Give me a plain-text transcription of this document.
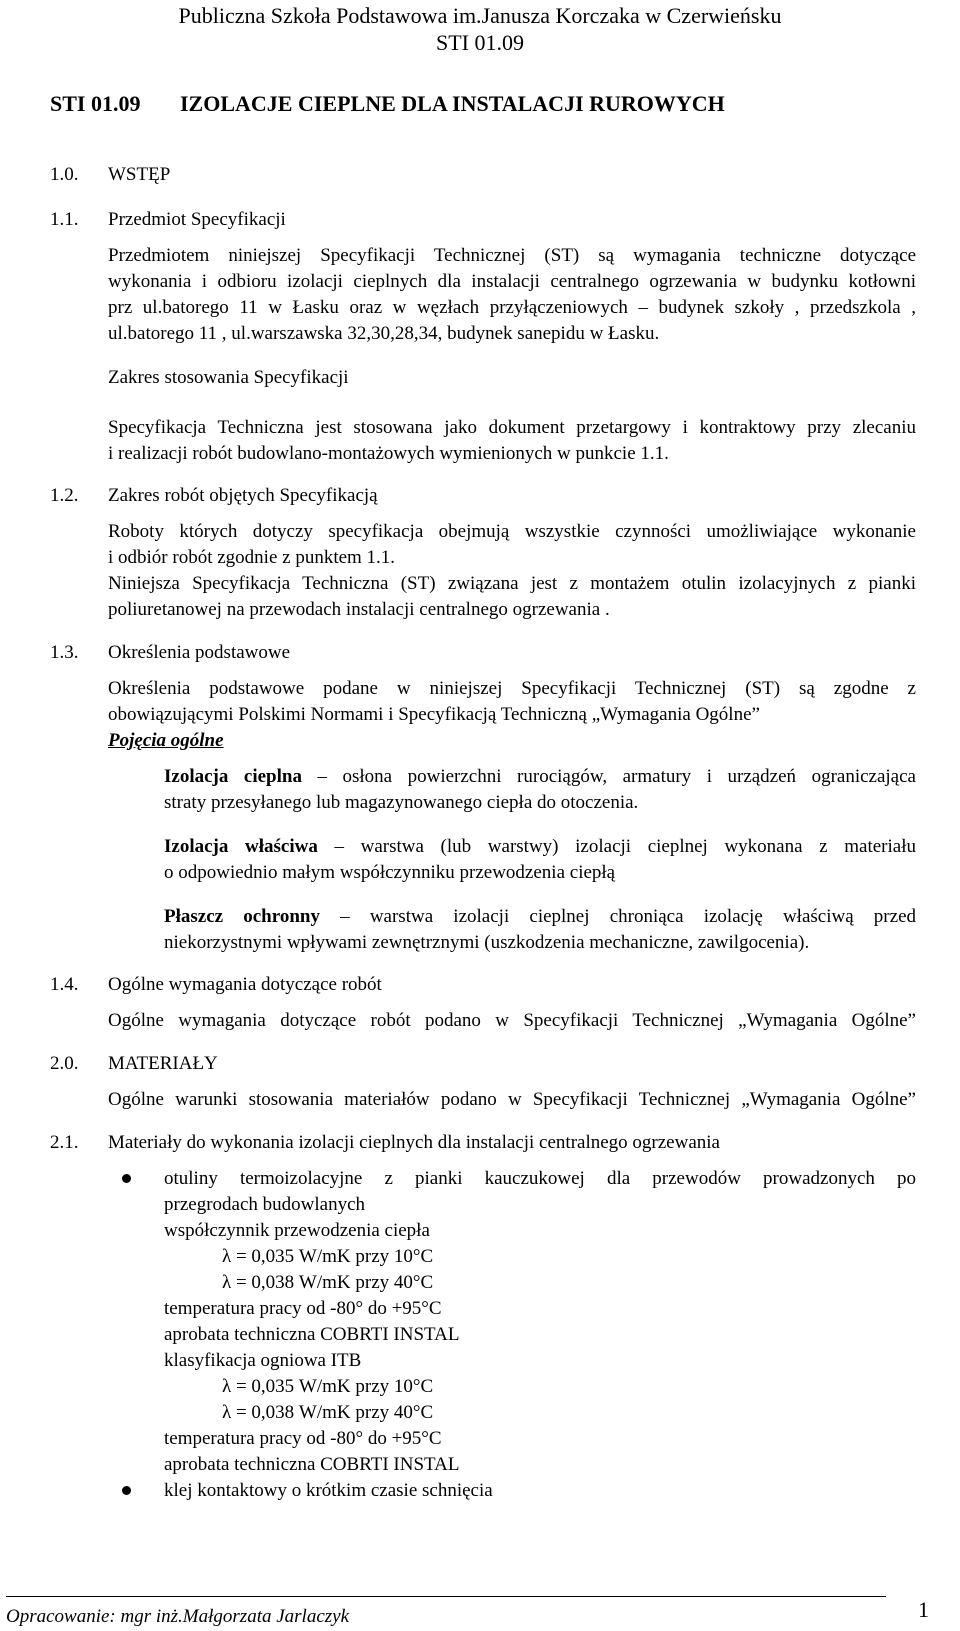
Publiczna Szkoła Podstawowa im.Janusza Korczaka w Czerwieńsku
STI 01.09
STI 01.09 IZOLACJE CIEPLNE DLA INSTALACJI RUROWYCH
1.0. WSTĘP
1.1. Przedmiot Specyfikacji
Przedmiotem niniejszej Specyfikacji Technicznej (ST) są wymagania techniczne dotyczące
wykonania i odbioru izolacji cieplnych dla instalacji centralnego ogrzewania w budynku kotłowni
prz ul.batorego 11 w Łasku oraz w węzłach przyłączeniowych – budynek szkoły , przedszkola ,
ul.batorego 11 , ul.warszawska 32,30,28,34, budynek sanepidu w Łasku.
Zakres stosowania Specyfikacji
Specyfikacja Techniczna jest stosowana jako dokument przetargowy i kontraktowy przy zlecaniu
i realizacji robót budowlano-montażowych wymienionych w punkcie 1.1.
1.2. Zakres robót objętych Specyfikacją
Roboty których dotyczy specyfikacja obejmują wszystkie czynności umożliwiające wykonanie
i odbiór robót zgodnie z punktem 1.1.
Niniejsza Specyfikacja Techniczna (ST) związana jest z montażem otulin izolacyjnych z pianki
poliuretanowej na przewodach instalacji centralnego ogrzewania .
1.3. Określenia podstawowe
Określenia podstawowe podane w niniejszej Specyfikacji Technicznej (ST) są zgodne z
obowiązującymi Polskimi Normami i Specyfikacją Techniczną „Wymagania Ogólne”
Pojęcia ogólne
Izolacja cieplna – osłona powierzchni rurociągów, armatury i urządzeń ograniczająca
straty przesyłanego lub magazynowanego ciepła do otoczenia.
Izolacja właściwa – warstwa (lub warstwy) izolacji cieplnej wykonana z materiału
o odpowiednio małym współczynniku przewodzenia ciepłą
Płaszcz ochronny – warstwa izolacji cieplnej chroniąca izolację właściwą przed
niekorzystnymi wpływami zewnętrznymi (uszkodzenia mechaniczne, zawilgocenia).
1.4. Ogólne wymagania dotyczące robót
Ogólne wymagania dotyczące robót podano w Specyfikacji Technicznej „Wymagania Ogólne”
2.0. MATERIAŁY
Ogólne warunki stosowania materiałów podano w Specyfikacji Technicznej „Wymagania Ogólne”
2.1. Materiały do wykonania izolacji cieplnych dla instalacji centralnego ogrzewania
otuliny termoizolacyjne z pianki kauczukowej dla przewodów prowadzonych po
przegrodach budowlanych
współczynnik przewodzenia ciepła
λ = 0,035 W/mK przy 10°C
λ = 0,038 W/mK przy 40°C
temperatura pracy od -80° do +95°C
aprobata techniczna COBRTI INSTAL
klasyfikacja ogniowa ITB
λ = 0,035 W/mK przy 10°C
λ = 0,038 W/mK przy 40°C
temperatura pracy od -80° do +95°C
aprobata techniczna COBRTI INSTAL
klej kontaktowy o krótkim czasie schnięcia
Opracowanie: mgr inż.Małgorzata Jarlaczyk	1
